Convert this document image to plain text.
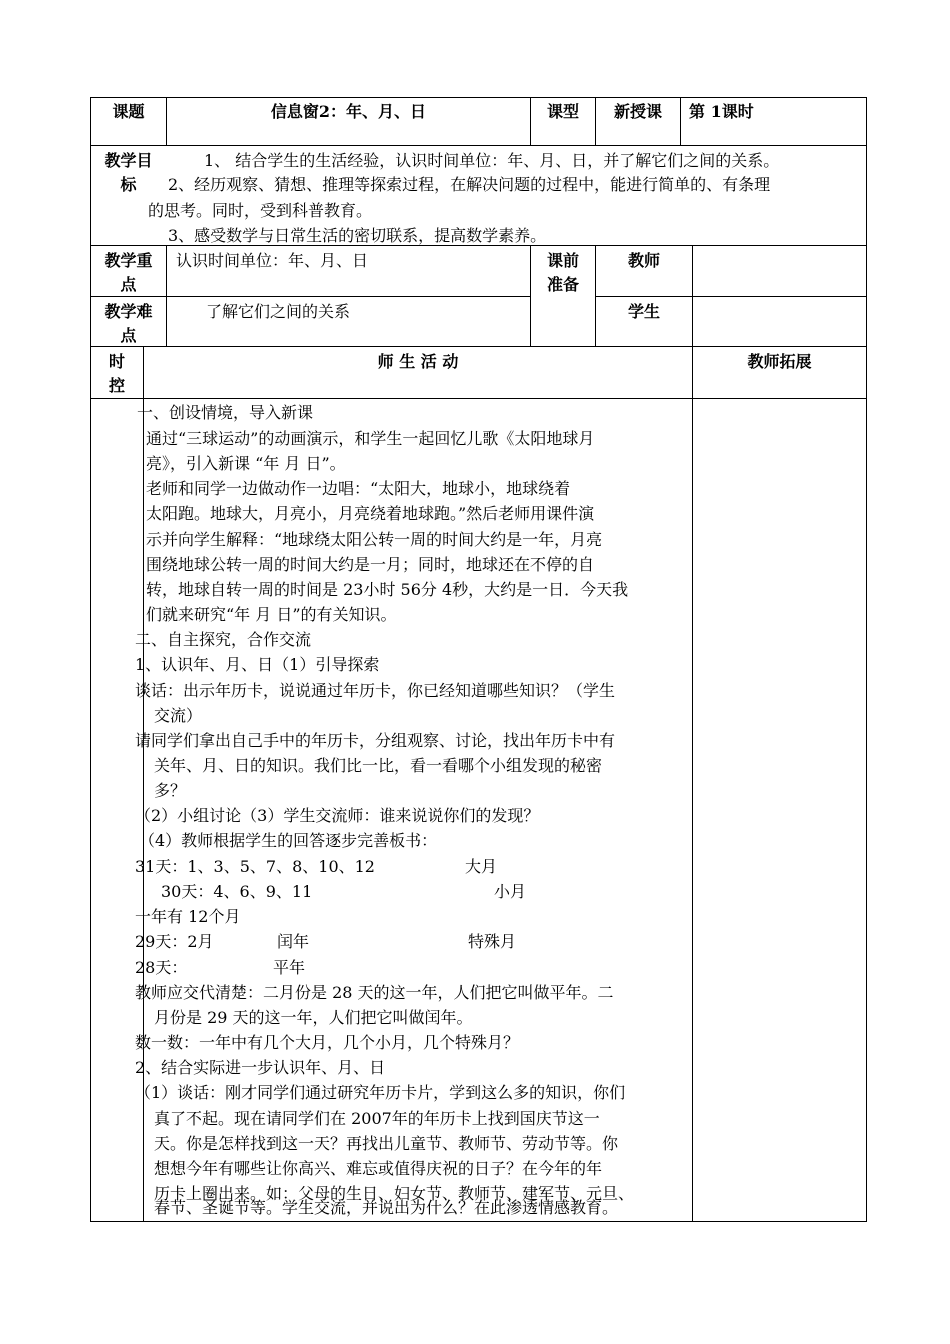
课题	信息窗2：年、月、日	课型	新授课	第 1课时
教学目
标
1、 结合学生的生活经验，认识时间单位：年、月、日，并了解它们之间的关系。
2、经历观察、猜想、推理等探索过程，在解决问题的过程中，能进行简单的、有条理
的思考。同时，受到科普教育。
3、感受数学与日常生活的密切联系，提高数学素养。
教学重
点
认识时间单位：年、月、日	课前
准备
教师
教学难
点
了解它们之间的关系	学生
时
控
师 生 活 动	教师拓展
一、创设情境，导入新课
通过“三球运动”的动画演示，和学生一起回忆儿歌《太阳地球月
亮》，引入新课 “年 月 日”。
老师和同学一边做动作一边唱：“太阳大，地球小，地球绕着
太阳跑。地球大，月亮小，月亮绕着地球跑。”然后老师用课件演
示并向学生解释：“地球绕太阳公转一周的时间大约是一年，月亮
围绕地球公转一周的时间大约是一月；同时，地球还在不停的自
转，地球自转一周的时间是 23小时 56分 4秒，大约是一日．今天我
们就来研究“年 月 日”的有关知识。
二、自主探究，合作交流
1、认识年、月、日（1）引导探索
谈话：出示年历卡，说说通过年历卡，你已经知道哪些知识？（学生
交流）
请同学们拿出自己手中的年历卡，分组观察、讨论，找出年历卡中有
关年、月、日的知识。我们比一比，看一看哪个小组发现的秘密
多？
（2）小组讨论（3）学生交流师：谁来说说你们的发现？
（4）教师根据学生的回答逐步完善板书：
31天：1、3、5、7、8、10、12	大月
30天：4、6、9、11	小月
一年有 12个月
29天：2月	闰年	特殊月
28天：	平年
教师应交代清楚：二月份是 28 天的这一年，人们把它叫做平年。二
月份是 29 天的这一年，人们把它叫做闰年。
数一数：一年中有几个大月，几个小月，几个特殊月？
2、结合实际进一步认识年、月、日
（1）谈话：刚才同学们通过研究年历卡片，学到这么多的知识，你们
真了不起。现在请同学们在 2007年的年历卡上找到国庆节这一
天。你是怎样找到这一天？再找出儿童节、教师节、劳动节等。你
想想今年有哪些让你高兴、难忘或值得庆祝的日子？在今年的年
历卡上圈出来。如：父母的生日、妇女节、教师节、建军节、元旦、
春节、圣诞节等。学生交流，并说出为什么？在此渗透情感教育。
